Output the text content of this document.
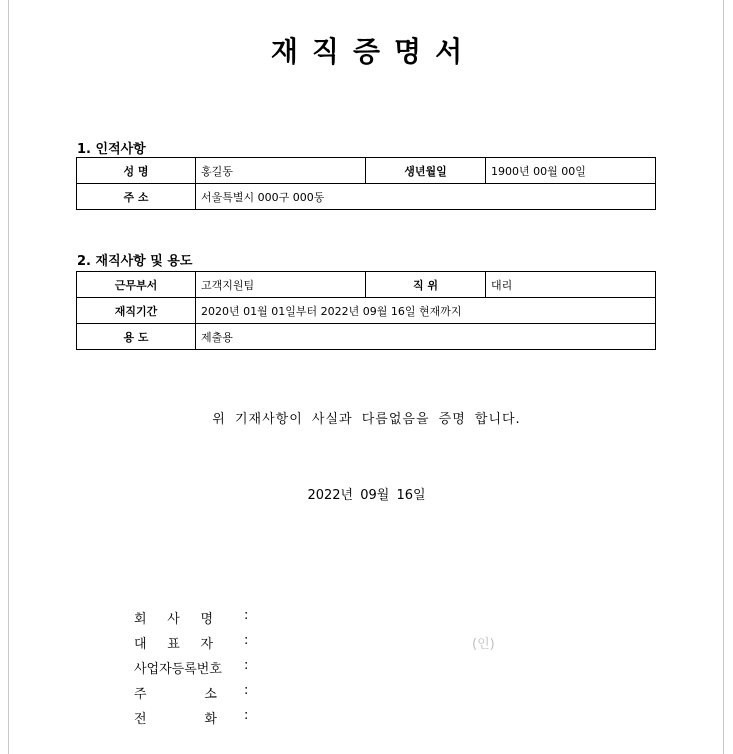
재직증명서
1. 인적사항
성 명	홍길동	생년월일	1900년 00월 00일
주 소	서울특별시 000구 000동		
2. 재직사항 및 용도
근무부서	고객지원팀	직 위	대리
재직기간	2020년 01월 01일부터 2022년 09월 16일 현재까지		
용 도	제출용		
위 기재사항이 사실과 다름없음을 증명 합니다.
2022년 09월 16일
회     사     명 :
대     표     자 :
사업자등록번호 :
주              소 :
전              화 :
(인)
